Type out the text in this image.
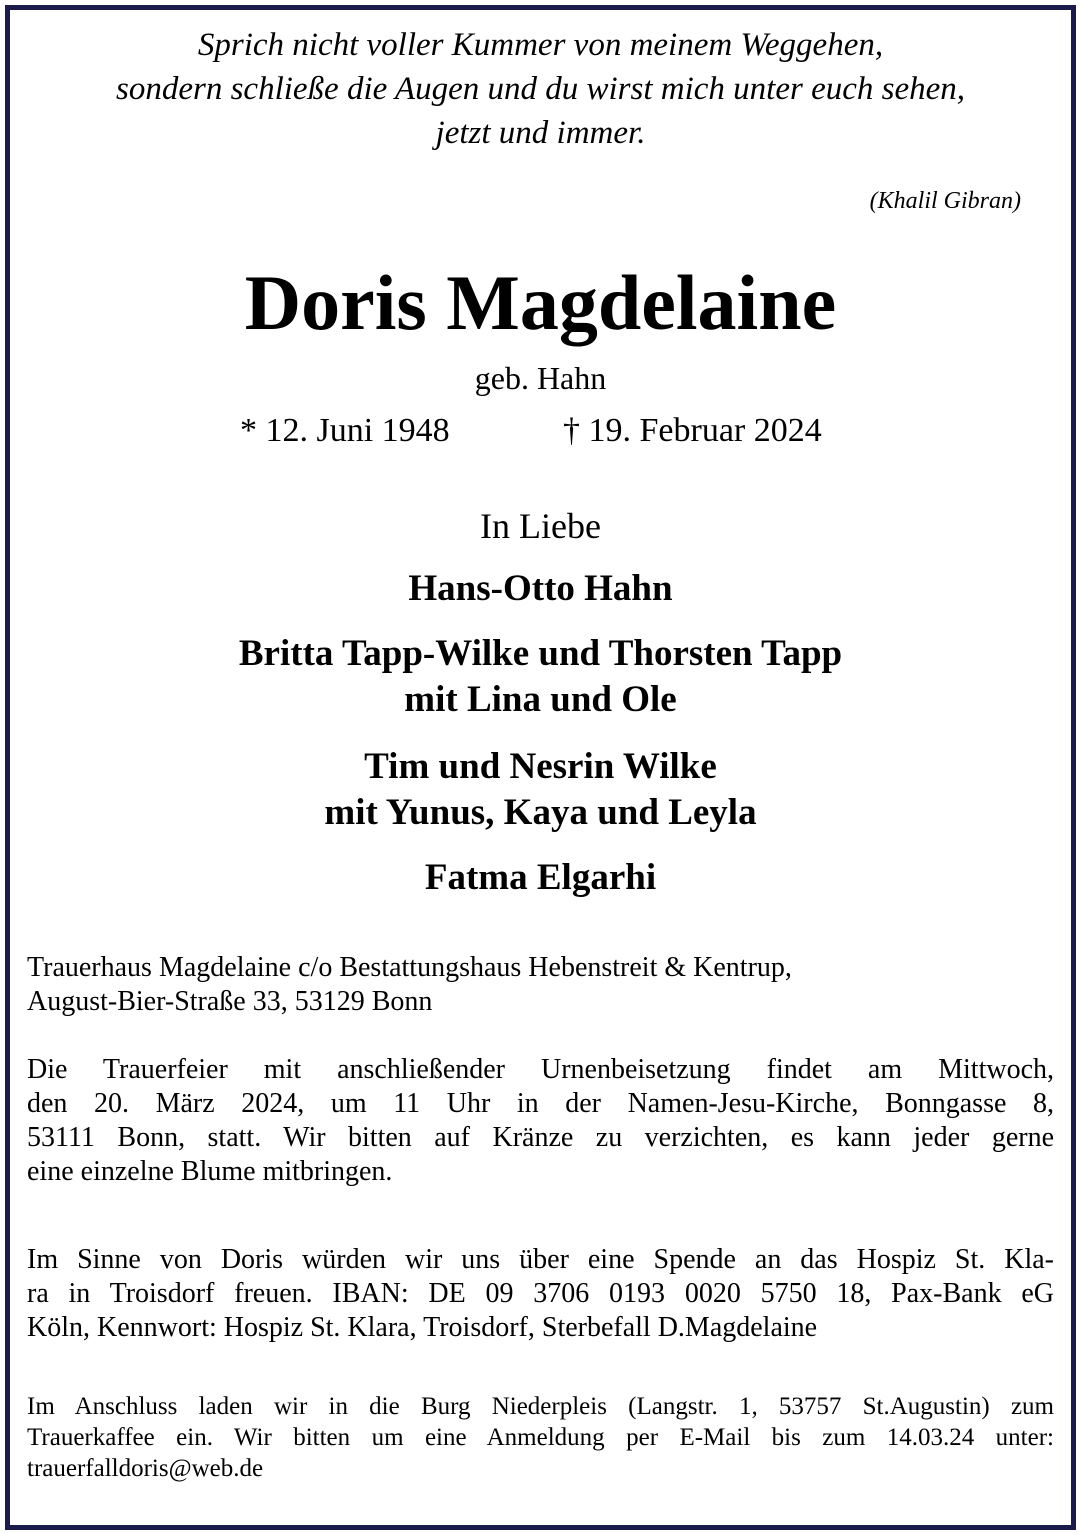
Sprich nicht voller Kummer von meinem Weggehen,
sondern schließe die Augen und du wirst mich unter euch sehen,
jetzt und immer.
(Khalil Gibran)
Doris Magdelaine
geb. Hahn
* 12. Juni 1948	† 19. Februar 2024
In Liebe
Hans-Otto Hahn
Britta Tapp-Wilke und Thorsten Tapp
mit Lina und Ole
Tim und Nesrin Wilke
mit Yunus, Kaya und Leyla
Fatma Elgarhi
Trauerhaus Magdelaine c/o Bestattungshaus Hebenstreit & Kentrup,
August-Bier-Straße 33, 53129 Bonn
Die Trauerfeier mit anschließender Urnenbeisetzung findet am Mittwoch,
den 20. März 2024, um 11 Uhr in der Namen-Jesu-Kirche, Bonngasse 8,
53111 Bonn, statt. Wir bitten auf Kränze zu verzichten, es kann jeder gerne
eine einzelne Blume mitbringen.
Im Sinne von Doris würden wir uns über eine Spende an das Hospiz St. Kla-
ra in Troisdorf freuen. IBAN: DE 09 3706 0193 0020 5750 18, Pax-Bank eG
Köln, Kennwort: Hospiz St. Klara, Troisdorf, Sterbefall D.Magdelaine
Im Anschluss laden wir in die Burg Niederpleis (Langstr. 1, 53757 St.Augustin) zum
Trauerkaffee ein. Wir bitten um eine Anmeldung per E-Mail bis zum 14.03.24 unter:
trauerfalldoris@web.de
